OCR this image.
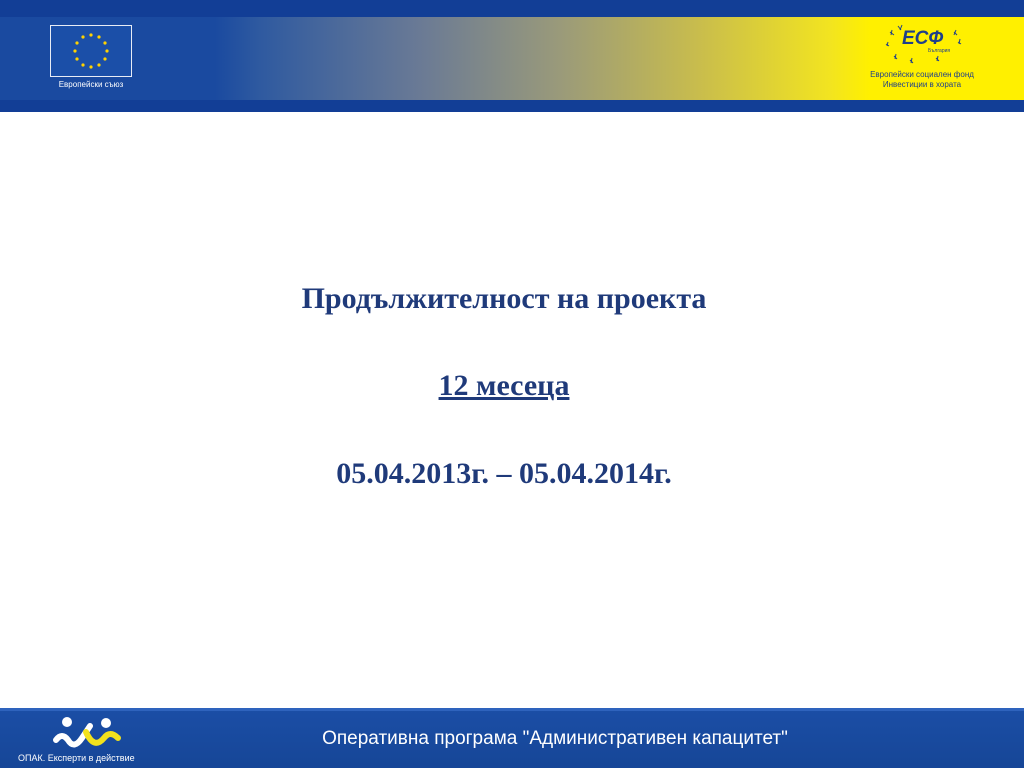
Европейски съюз
ЕСФ
България
Европейски социален фонд
Инвестиции в хората
Продължителност на проекта
12 месеца
05.04.2013г. – 05.04.2014г.
ОПАК. Експерти в действие
Оперативна програма "Административен капацитет"
